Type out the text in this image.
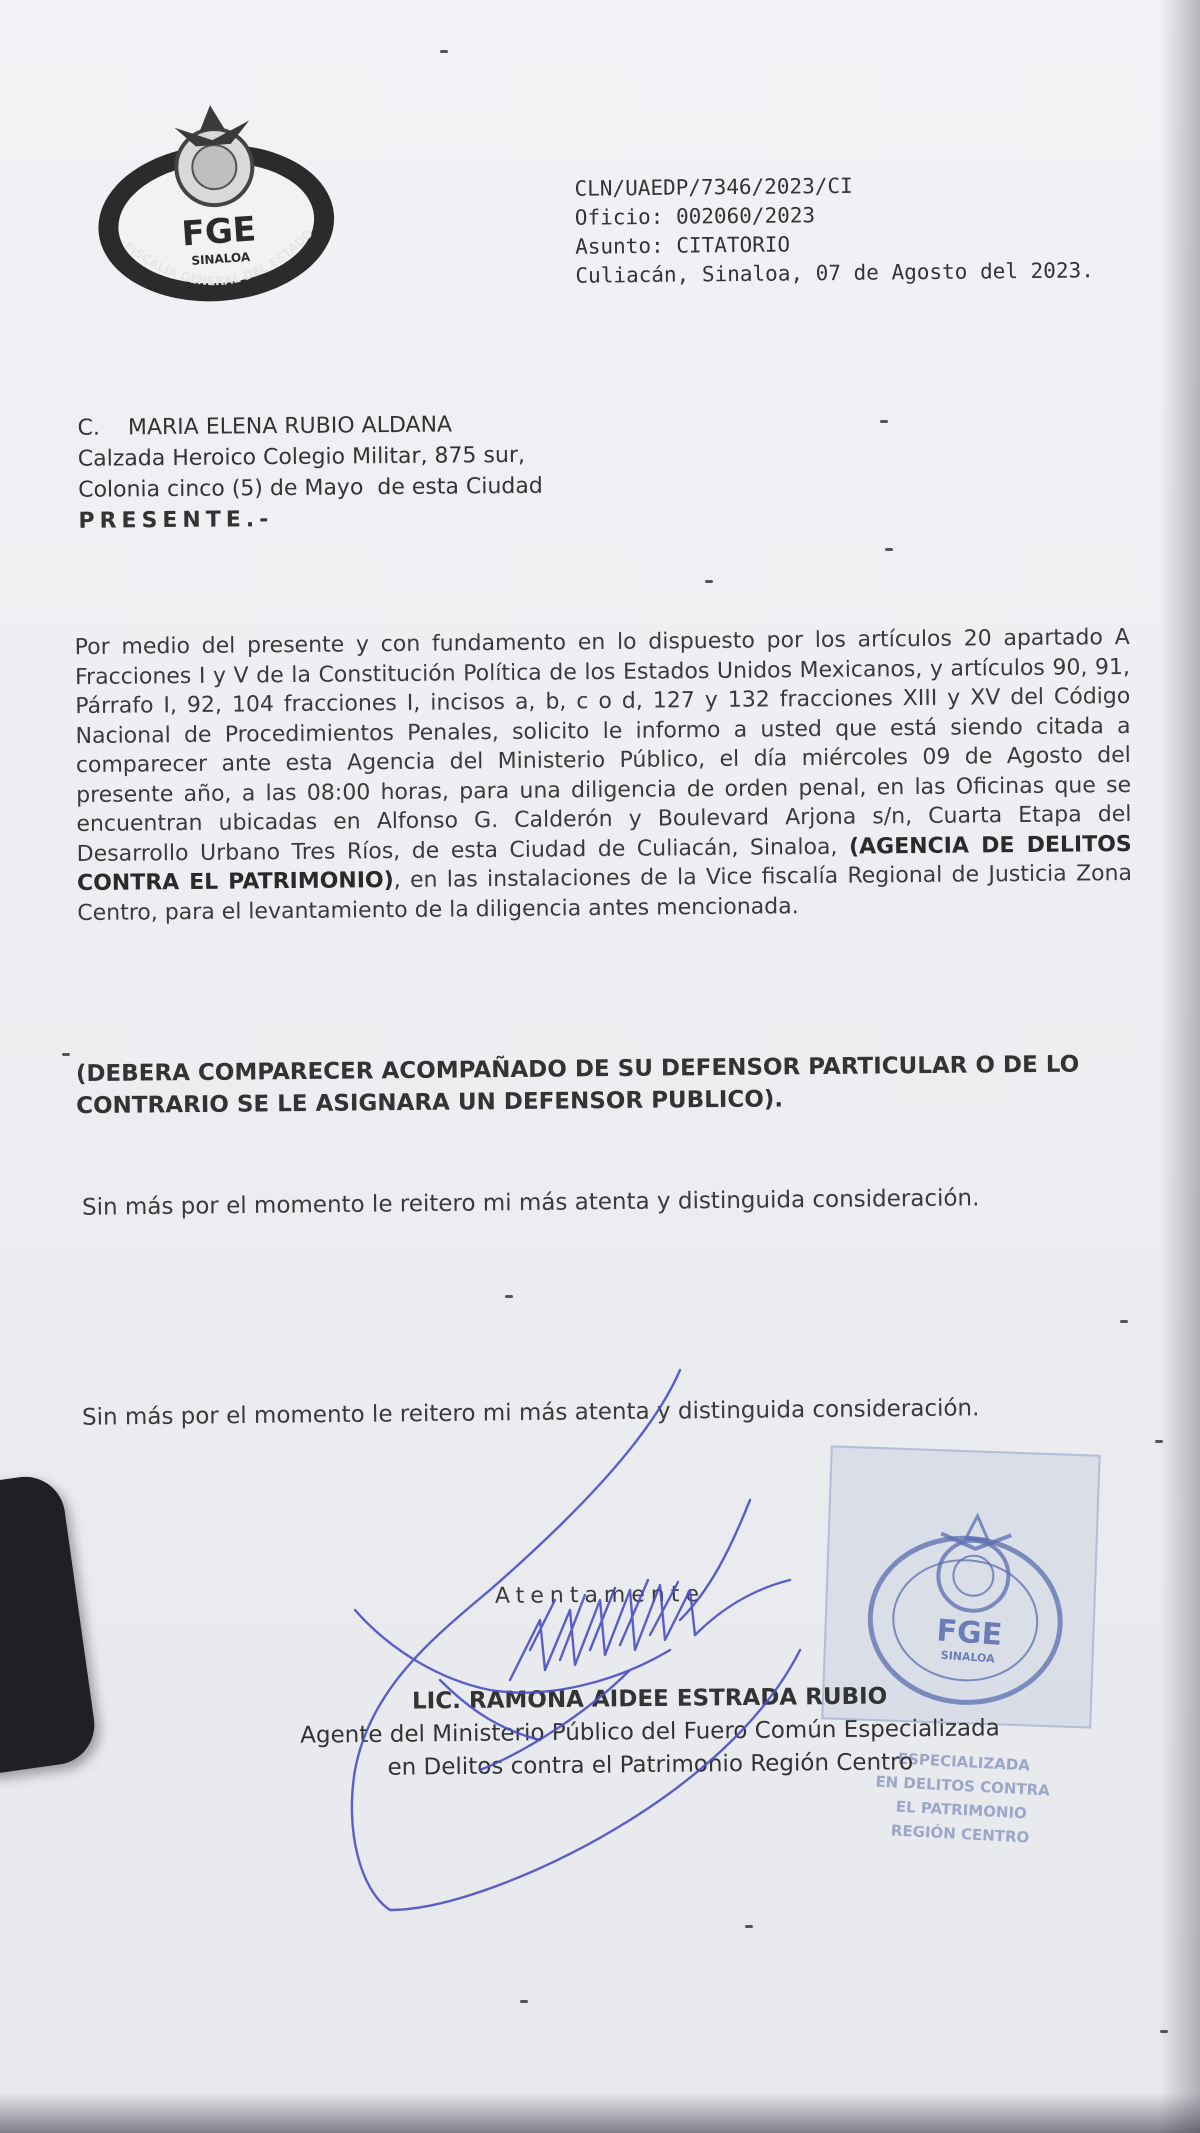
FGE
SINALOA
FISCALÍA GENERAL DEL ESTADO
CLN/UAEDP/7346/2023/CI
Oficio: 002060/2023
Asunto: CITATORIO
Culiacán, Sinaloa, 07 de Agosto del 2023.
C.    MARIA ELENA RUBIO ALDANA
Calzada Heroico Colegio Militar, 875 sur,
Colonia cinco (5) de Mayo  de esta Ciudad
PRESENTE.-
Por medio del presente y con fundamento en lo dispuesto por los artículos 20 apartado A Fracciones I y V de la Constitución Política de los Estados Unidos Mexicanos, y artículos 90, 91, Párrafo I, 92, 104 fracciones I, incisos a, b, c o d, 127 y 132 fracciones XIII y XV del Código Nacional de Procedimientos Penales, solicito le informo a usted que está siendo citada a comparecer ante esta Agencia del Ministerio Público, el día miércoles 09 de Agosto del presente año, a las 08:00 horas, para una diligencia de orden penal, en las Oficinas que se encuentran ubicadas en Alfonso G. Calderón y Boulevard Arjona s/n, Cuarta Etapa del Desarrollo Urbano Tres Ríos, de esta Ciudad de Culiacán, Sinaloa, (AGENCIA DE DELITOS CONTRA EL PATRIMONIO), en las instalaciones de la Vice fiscalía Regional de Justicia Zona Centro, para el levantamiento de la diligencia antes mencionada.
(DEBERA COMPARECER ACOMPAÑADO DE SU DEFENSOR PARTICULAR O DE LO CONTRARIO SE LE ASIGNARA UN DEFENSOR PUBLICO).
Sin más por el momento le reitero mi más atenta y distinguida consideración.
Sin más por el momento le reitero mi más atenta y distinguida consideración.
FGE
SINALOA
ESPECIALIZADA
EN DELITOS CONTRA
EL PATRIMONIO
REGIÓN CENTRO
Atentamente
LIC. RAMONA AIDEE ESTRADA RUBIO
Agente del Ministerio Público del Fuero Común Especializada
en Delitos contra el Patrimonio Región Centro
